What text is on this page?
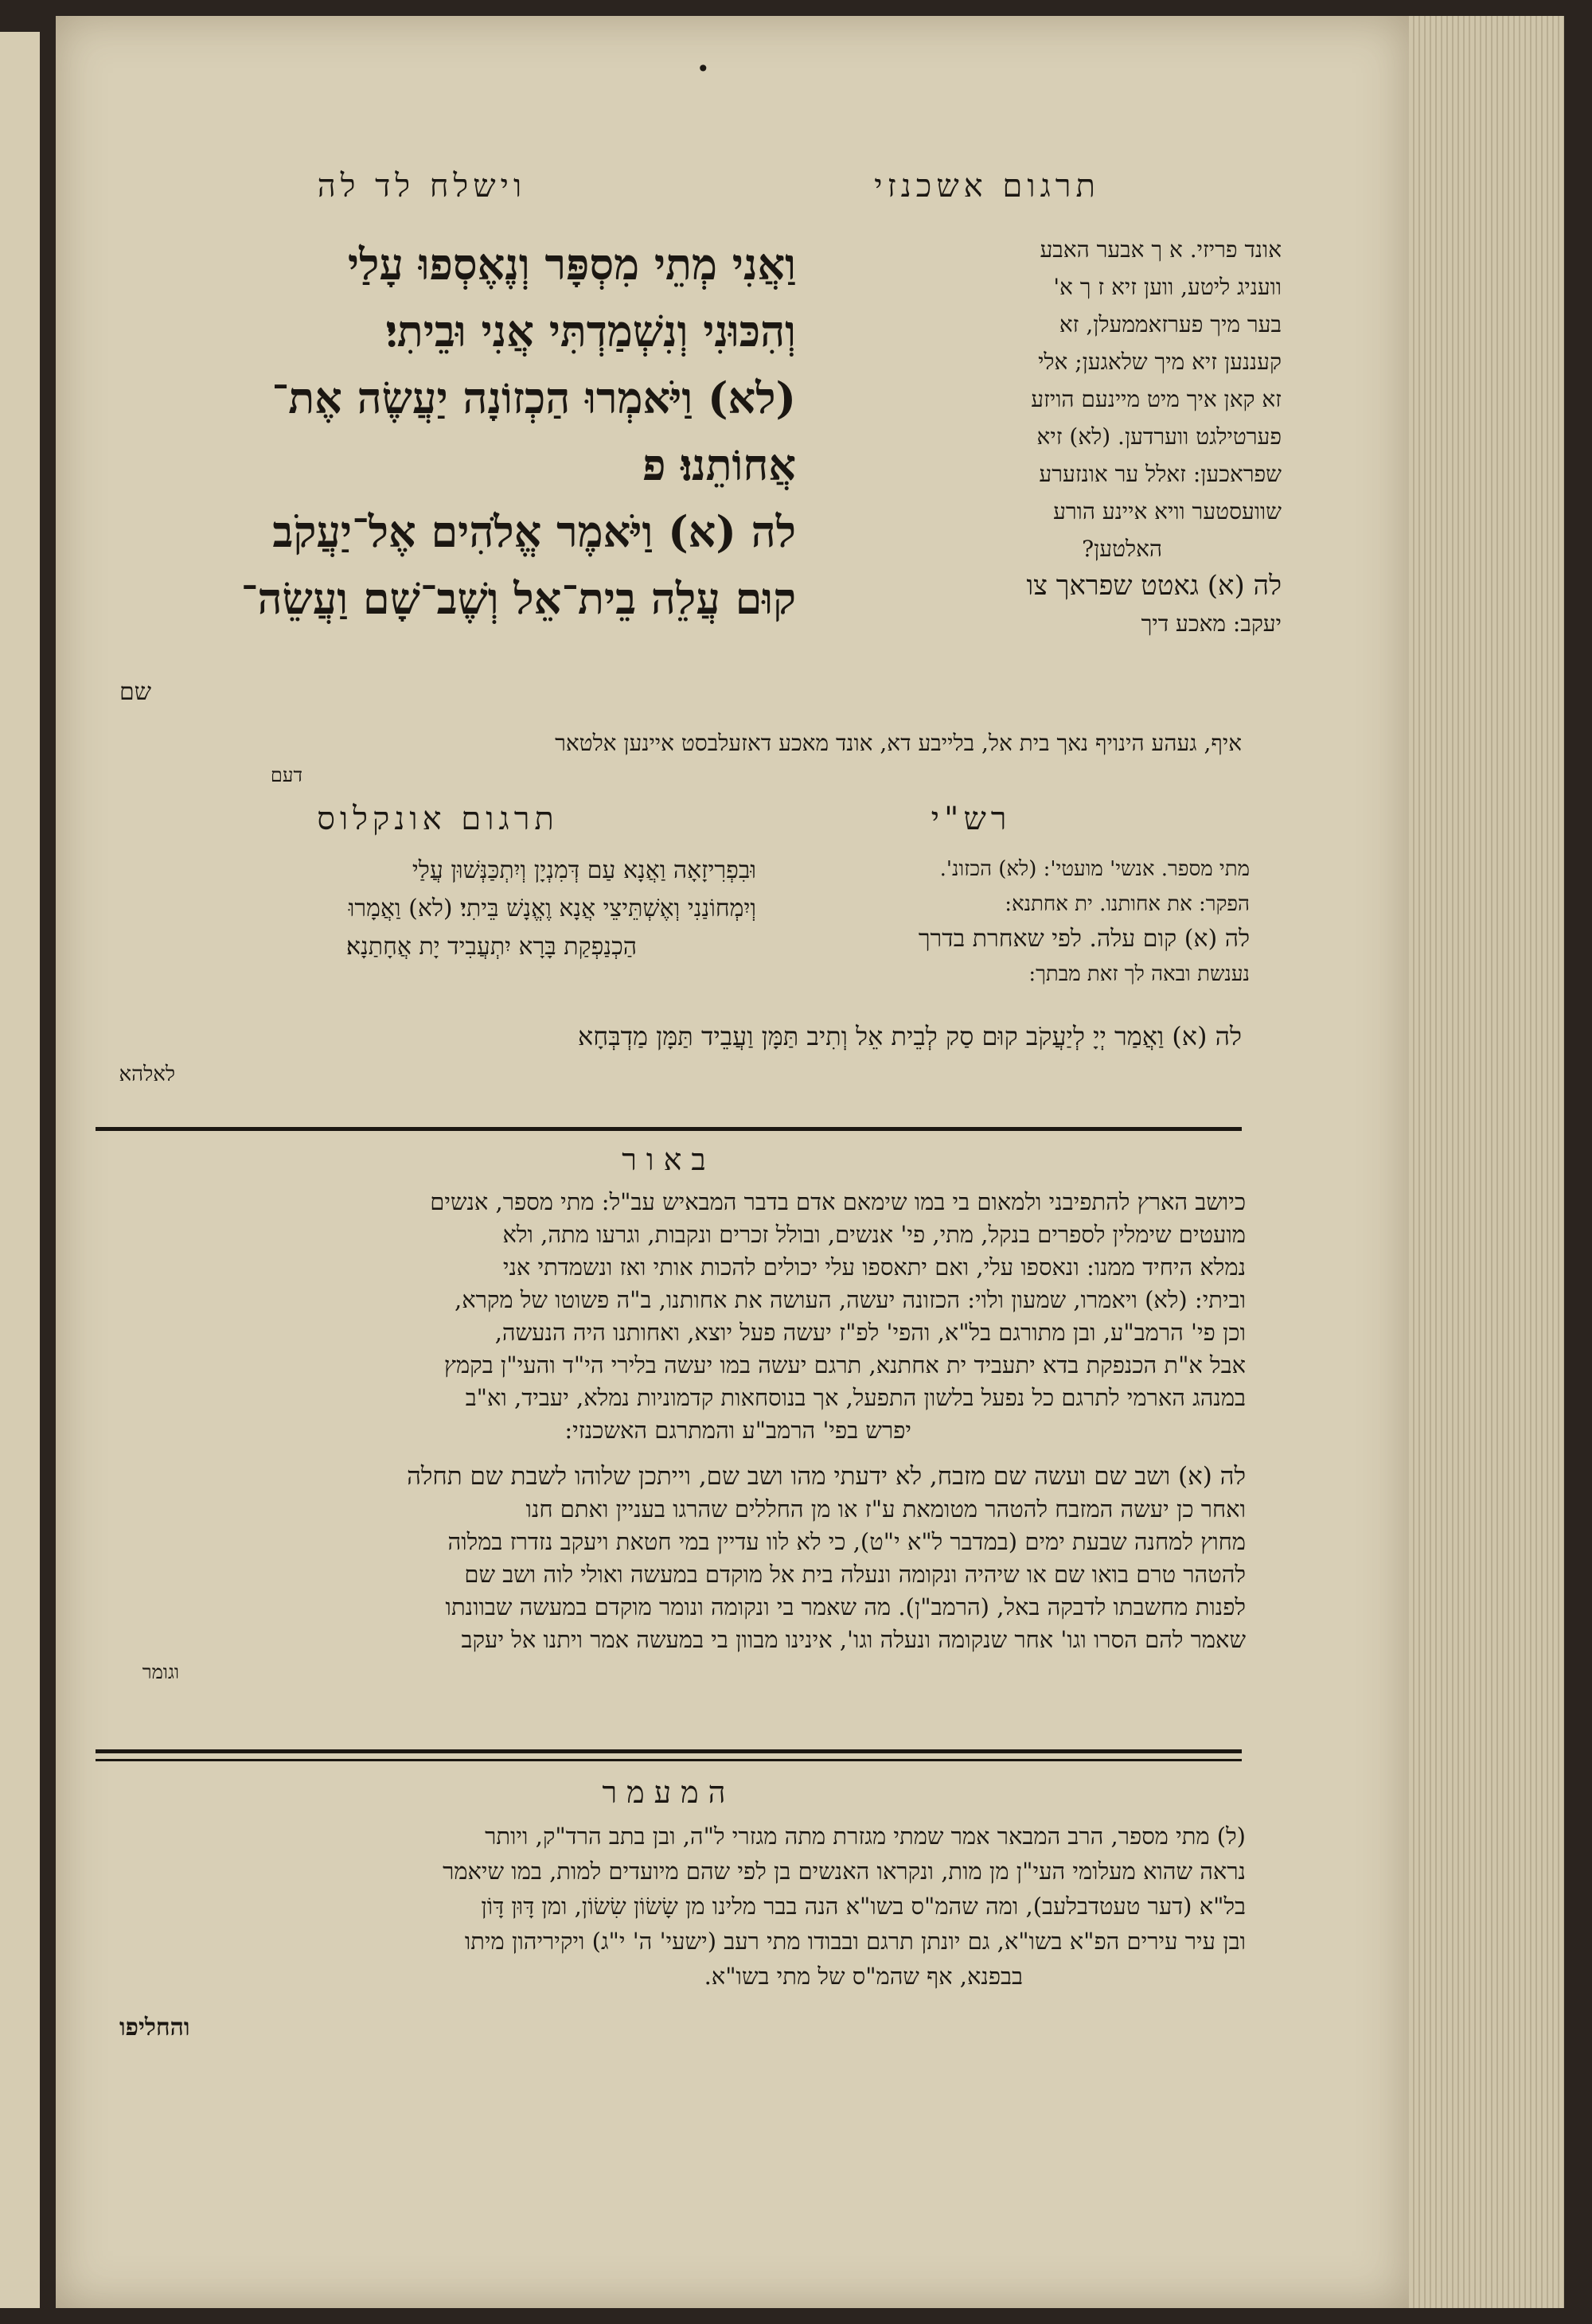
•
תרגום אשכנזי
וישלח לד לה
וַאֲנִי מְתֵי מִסְפָּר וְנֶאֶסְפוּ עָלַי
וְהִכּוּנִי וְנִשְׁמַדְתִּי אֲנִי וּבֵיתִי׃
(לא) וַיֹּאמְרוּ הַכְזוֹנָה יַעֲשֶׂה אֶת־
אֲחוֹתֵנוּ׃ פ
לה (א) וַיֹּאמֶר אֱלֹהִים אֶל־יַעֲקֹב
קוּם עֲלֵה בֵית־אֵל וְשֶׁב־שָׁם וַעֲשֵׂה־
שם
אונד פריזי. א ך אבער האבע
וועניג ליטע, ווען זיא ז ך א'
בער מיך פערזאממעלן, זא
קעננען זיא מיך שלאגען; אלי
זא קאן איך מיט מיינעם הויזע
פערטילגט ווערדען. (לא) זיא
שפראכען: זאלל ער אונזערע
שוועסטער וויא איינע הורע
האלטען?
לה (א) גאטט שפראך צו
יעקב: מאכע דיך
איף, געהע הינויף נאך בית אל, בלייבע דא, אונד מאכע דאזעלבסט איינען אלטאר
דעם
רש"י
מתי מספר. אנשי' מועטי': (לא) הכזונ'.
הפקר: את אחותנו. ית אחתנא:
לה (א) קום עלה. לפי שאחרת בדרך
נענשת ובאה לך זאת מבתך:
תרגום אונקלוס
וּבִפְרִיזָאָה וַאֲנָא עַם דְּמִנְיָן וְיִתְכַּנְּשׁוּן עֲלַי
וְיִמְחוֹנַנִי וְאֶשְׁתֵּיצֵי אֲנָא וֶאֱנָשׁ בֵּיתִי׃ (לא) וַאֲמָרוּ
הַכְנַפְקַת בָּרָא יִתְעֲבִיד יָת אֲחָתַנָא׃
לה (א) וַאֲמַר יְיָ לְיַעֲקֹב קוּם סַק לְבֵית אֵל וְתִיב תַּמָּן וַעֲבֵיד תַּמָּן מַדְבְּחָא
לאלהא
באור
כיושב הארץ להתפיבני ולמאום בי במו שימאם אדם בדבר המבאיש עב"ל: מתי מספר, אנשים
מועטים שימלין לספרים בנקל, מתי, פי' אנשים, ובולל זכרים ונקבות, וגרעו מתה, ולא
נמלא היחיד ממנו: ונאספו עלי, ואם יתאספו עלי יכולים להכות אותי ואז ונשמדתי אני
וביתי: (לא) ויאמרו, שמעון ולוי: הכזונה יעשה, העושה את אחותנו, ב"ה פשוטו של מקרא,
וכן פי' הרמב"ע, ובן מתורגם בל"א, והפי' לפ"ז יעשה פעל יוצא, ואחותנו היה הנעשה,
אבל א"ת הכנפקת בדא יתעביד ית אחתנא, תרגם יעשה במו יעשה בלירי הי"ד והעי"ן בקמץ
במנהג הארמי לתרגם כל נפעל בלשון התפעל, אך בנוסחאות קדמוניות נמלא, יעביד, וא"ב
יפרש בפי' הרמב"ע והמתרגם האשכנזי:
לה (א) ושב שם ועשה שם מזבח, לא ידעתי מהו ושב שם, וייתכן שלוהו לשבת שם תחלה
ואחר כן יעשה המזבח להטהר מטומאת ע"ז או מן החללים שהרגו בעניין ואתם חנו
מחוץ למחנה שבעת ימים (במדבר ל"א י"ט), כי לא לוו עדיין במי חטאת ויעקב נזדרז במלוה
להטהר טרם בואו שם או שיהיה ונקומה ונעלה בית אל מוקדם במעשה ואולי לוה ושב שם
לפנות מחשבתו לדבקה באל, (הרמב"ן). מה שאמר בי ונקומה ונומר מוקדם במעשה שבוונתו
שאמר להם הסרו וגו' אחר שנקומה ונעלה וגו', אינינו מבוון בי במעשה אמר ויתנו אל יעקב
וגומר
המעמר
(ל) מתי מספר, הרב המבאר אמר שמתי מגזרת מתה מגזרי ל"ה, ובן בתב הרד"ק, ויותר
נראה שהוא מעלומי העי"ן מן מות, ונקראו האנשים בן לפי שהם מיועדים למות, במו שיאמר
בל"א (דער טעטדבלעב), ומה שהמ"ס בשו"א הנה בבר מלינו מן שָׂשׂוֹן שִׂשׂוֹן, ומן דָּוּן דָּוֹן
ובן עיר עירים הפ"א בשו"א, גם יונתן תרגם ובבודו מתי רעב (ישעי' ה' י"ג) ויקיריהון מיתו
בבפנא, אף שהמ"ס של מתי בשו"א.
והחליפו
